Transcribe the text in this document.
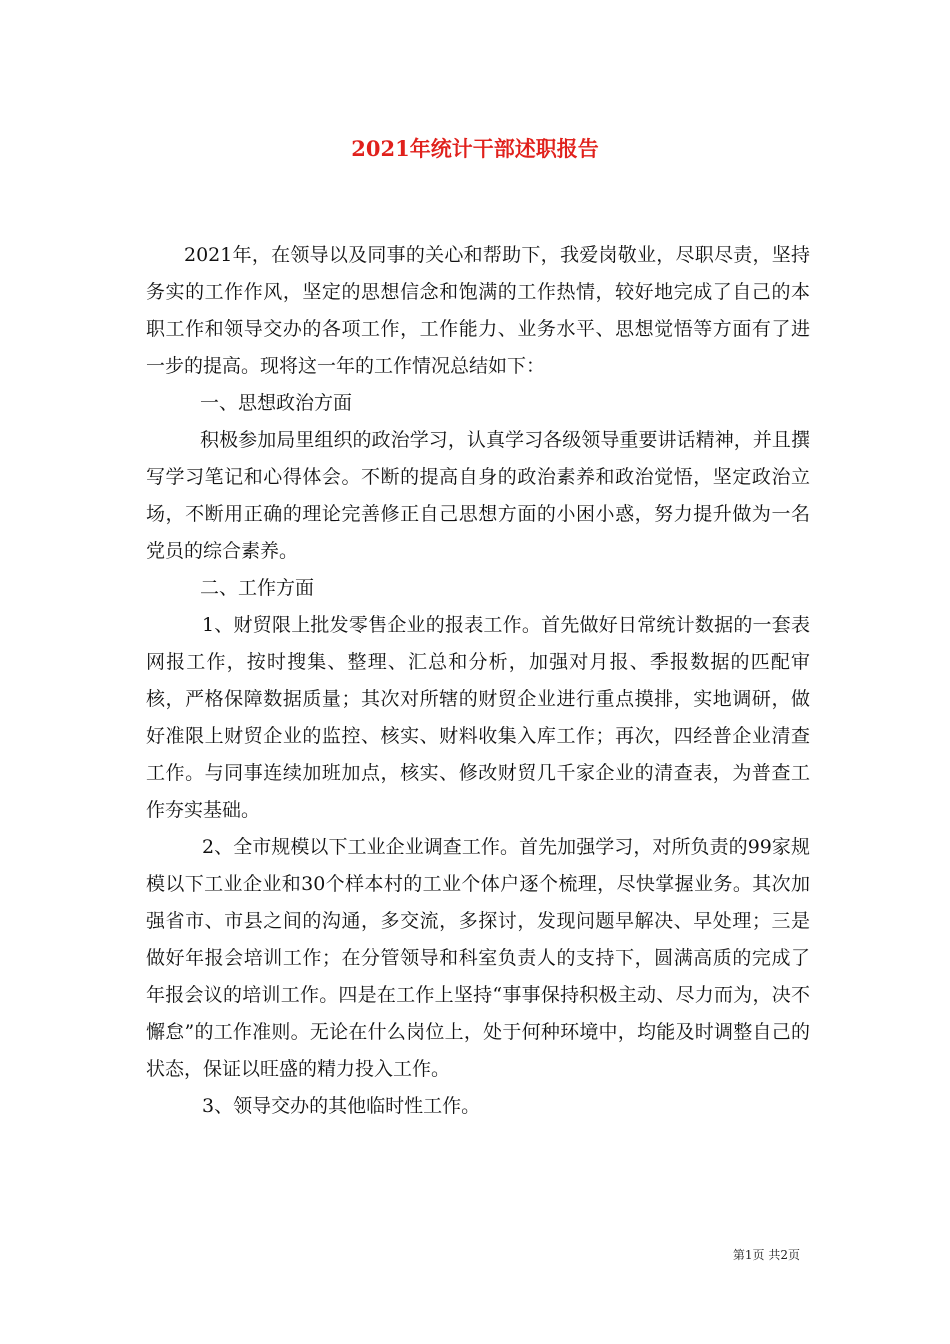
2021年统计干部述职报告

2021年，在领导以及同事的关心和帮助下，我爱岗敬业，尽职尽责，坚持务实的工作作风，坚定的思想信念和饱满的工作热情，较好地完成了自己的本职工作和领导交办的各项工作，工作能力、业务水平、思想觉悟等方面有了进一步的提高。现将这一年的工作情况总结如下：

一、思想政治方面

积极参加局里组织的政治学习，认真学习各级领导重要讲话精神，并且撰写学习笔记和心得体会。不断的提高自身的政治素养和政治觉悟，坚定政治立场，不断用正确的理论完善修正自己思想方面的小困小惑，努力提升做为一名党员的综合素养。

二、工作方面

1、财贸限上批发零售企业的报表工作。首先做好日常统计数据的一套表网报工作，按时搜集、整理、汇总和分析，加强对月报、季报数据的匹配审核，严格保障数据质量；其次对所辖的财贸企业进行重点摸排，实地调研，做好准限上财贸企业的监控、核实、财料收集入库工作；再次，四经普企业清查工作。与同事连续加班加点，核实、修改财贸几千家企业的清查表，为普查工作夯实基础。

2、全市规模以下工业企业调查工作。首先加强学习，对所负责的99家规模以下工业企业和30个样本村的工业个体户逐个梳理，尽快掌握业务。其次加强省市、市县之间的沟通，多交流，多探讨，发现问题早解决、早处理；三是做好年报会培训工作；在分管领导和科室负责人的支持下，圆满高质的完成了年报会议的培训工作。四是在工作上坚持“事事保持积极主动、尽力而为，决不懈怠”的工作准则。无论在什么岗位上，处于何种环境中，均能及时调整自己的状态，保证以旺盛的精力投入工作。

3、领导交办的其他临时性工作。

第1页 共2页
